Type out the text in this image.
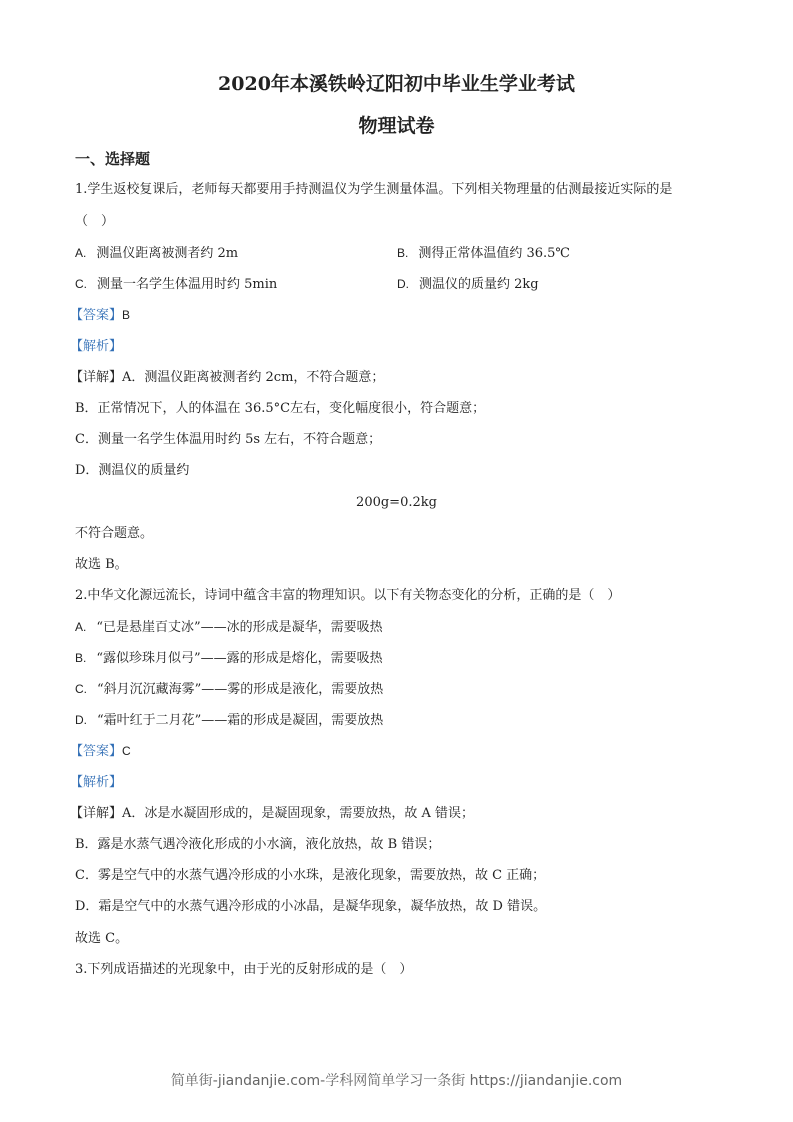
2020年本溪铁岭辽阳初中毕业生学业考试
物理试卷
一、选择题
1.学生返校复课后，老师每天都要用手持测温仪为学生测量体温。下列相关物理量的估测最接近实际的是
（　）
A. 测温仪距离被测者约 2m	B. 测得正常体温值约 36.5℃
C. 测量一名学生体温用时约 5min	D. 测温仪的质量约 2kg
【答案】B
【解析】
【详解】A．测温仪距离被测者约 2cm，不符合题意；
B．正常情况下，人的体温在 36.5°C左右，变化幅度很小，符合题意；
C．测量一名学生体温用时约 5s 左右，不符合题意；
D．测温仪的质量约
200g=0.2kg
不符合题意。
故选 B。
2.中华文化源远流长，诗词中蕴含丰富的物理知识。以下有关物态变化的分析，正确的是（　）
A. “已是悬崖百丈冰”——冰的形成是凝华，需要吸热
B. “露似珍珠月似弓”——露的形成是熔化，需要吸热
C. “斜月沉沉藏海雾”——雾的形成是液化，需要放热
D. “霜叶红于二月花”——霜的形成是凝固，需要放热
【答案】C
【解析】
【详解】A．冰是水凝固形成的，是凝固现象，需要放热，故 A 错误；
B．露是水蒸气遇冷液化形成的小水滴，液化放热，故 B 错误；
C．雾是空气中的水蒸气遇冷形成的小水珠，是液化现象，需要放热，故 C 正确；
D．霜是空气中的水蒸气遇冷形成的小冰晶，是凝华现象，凝华放热，故 D 错误。
故选 C。
3.下列成语描述的光现象中，由于光的反射形成的是（　）
简单街-jiandanjie.com-学科网简单学习一条街 https://jiandanjie.com
